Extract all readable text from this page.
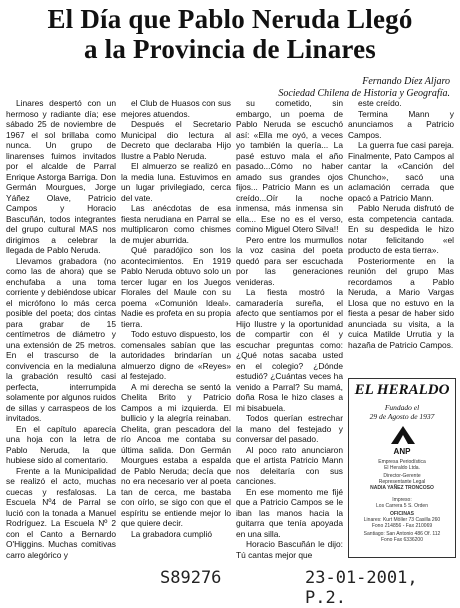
El Día que Pablo Neruda Llegó
a la Provincia de Linares
Fernando Díez Aljaro
Sociedad Chilena de Historia y Geografía.

Linares despertó con un hermoso y radiante día; ese sábado 25 de noviembre de 1967 el sol brillaba como nunca. Un grupo de linarenses fuimos invitados por el alcalde de Parral Enrique Astorga Barriga. Don Germán Mourgues, Jorge Yáñez Olave, Patricio Campos y Horacio Bascuñán, todos integrantes del grupo cultural MAS nos dirigimos a celebrar la llegada de Pablo Neruda.

Llevamos grabadora (no como las de ahora) que se enchufaba a una toma corriente y debiéndose ubicar el micrófono lo más cerca posible del poeta; dos cintas para grabar de 15 centímetros de diámetro y una extensión de 25 metros. En el trascurso de la convivencia en la medialuna la grabación resultó casi perfecta, interrumpida solamente por algunos ruidos de sillas y carraspeos de los invitados.

En el capítulo aparecía una hoja con la letra de Pablo Neruda, la que hubiese sido al comentario.

Frente a la Municipalidad se realizó el acto, muchas cuecas y resfalosas. La Escuela Nº4 de Parral se lució con la tonada a Manuel Rodríguez. La Escuela Nº 2 con el Canto a Bernardo O'Higgins. Muchas comitivas carro alegórico y

el Club de Huasos con sus mejores atuendos.

Después el Secretario Municipal dio lectura al Decreto que declaraba Hijo Ilustre a Pablo Neruda.

El almuerzo se realizó en la media luna. Estuvimos en un lugar privilegiado, cerca del vate.

Las anécdotas de esa fiesta nerudiana en Parral se multiplicaron como chismes de mujer aburrida.

Qué paradójico son los acontecimientos. En 1919 Pablo Neruda obtuvo solo un tercer lugar en los Juegos Florales del Maule con su poema «Comunión Ideal». Nadie es profeta en su propia tierra.

Todo estuvo dispuesto, los comensales sabían que las autoridades brindarían un almuerzo digno de «Reyes» al festejado.

A mi derecha se sentó la Chelita Brito y Patricio Campos a mi izquierda. El bullicio y la alegría reinaban. Chelita, gran pescadora del río Ancoa me contaba su última salida. Don Germán Mourgues estaba a espalda de Pablo Neruda; decía que no era necesario ver al poeta tan de cerca, me bastaba con oírlo, se sigo con que el espíritu se entiende mejor lo que quiere decir.

La grabadora cumplió

su cometido, sin embargo, un poema de Pablo Neruda se escuchó así: «Ella me oyó, a veces yo también la quería... La pasé estuvo mala el año pasado...Cómo no haber amado sus grandes ojos fijos... Patricio Mann es un creído...Oír la noche inmensa, más inmensa sin ella... Ese no es el verso, comino Miguel Otero Silva!!

Pero entre los murmullos la voz casina del poeta quedó para ser escuchada por las generaciones venideras.

La fiesta mostró la camaradería sureña, el afecto que sentíamos por el Hijo Ilustre y la oportunidad de compartir con él y escuchar preguntas como: ¿Qué notas sacaba usted en el colegio? ¿Dónde estudió? ¿Cuántas veces ha venido a Parral? Su mamá, doña Rosa le hizo clases a mi bisabuela.

Todos querían estrechar la mano del festejado y conversar del pasado.

Al poco rato anunciaron que el artista Patricio Mann nos deleitaría con sus canciones.

En ese momento me fijé que a Patricio Campos se le iban las manos hacia la guitarra que tenía apoyada en una silla.

Horacio Bascuñán le dijo: Tú cantas mejor que

este creído.

Termina Mann y anunciamos a Patricio Campos.

La guerra fue casi pareja. Finalmente, Pato Campos al cantar la «Canción del Chuncho», sacó una aclamación cerrada que opacó a Patricio Mann.

Pablo Neruda disfrutó de esta competencia cantada. En su despedida le hizo notar felicitando «el producto de esta tierra».

Posteriormente en la reunión del grupo Mas recordamos a Pablo Neruda, a Mario Vargas Llosa que no estuvo en la fiesta a pesar de haber sido anunciada su visita, a la cuica Matilde Urrutia y la hazaña de Patricio Campos.

EL HERALDO
Fundado el
29 de Agosto de 1937
ANP
Empresa Periodística
El Heraldo Ltda.
Director-Gerente
Representante Legal
NADIA YAÑEZ TRONCOSO
Impreso:
Los Carrera 5 S. Orden
OFICINAS
Linares: Kurt Möller 73 Casilla 260
Fono 214856 - Fax 210069
Santiago: San Antonio 486 Of. 112
Fono Fax 6336200
S89276	23-01-2001, P.2.
